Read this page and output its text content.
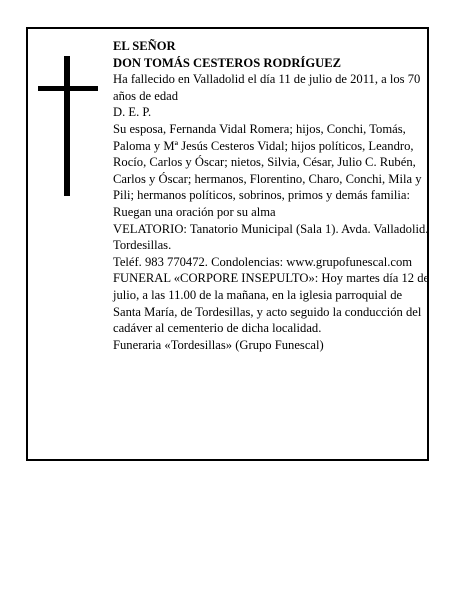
EL SEÑOR

DON TOMÁS CESTEROS RODRÍGUEZ

Ha fallecido en Valladolid el día 11 de julio de 2011, a los 70 años de edad

D. E. P.

Su esposa, Fernanda Vidal Romera; hijos, Conchi, Tomás, Paloma y Mª Jesús Cesteros Vidal; hijos políticos, Leandro, Rocío, Carlos y Óscar; nietos, Silvia, César, Julio C. Rubén, Carlos y Óscar; hermanos, Florentino, Charo, Conchi, Mila y Pili; hermanos políticos, sobrinos, primos y demás familia:

Ruegan una oración por su alma

VELATORIO: Tanatorio Municipal (Sala 1). Avda. Valladolid. Tordesillas.

Teléf. 983 770472. Condolencias: www.grupofunescal.com

FUNERAL «CORPORE INSEPULTO»: Hoy martes día 12 de julio, a las 11.00 de la mañana, en la iglesia parroquial de Santa María, de Tordesillas, y acto seguido la conducción del cadáver al cementerio de dicha localidad.

Funeraria «Tordesillas» (Grupo Funescal)
